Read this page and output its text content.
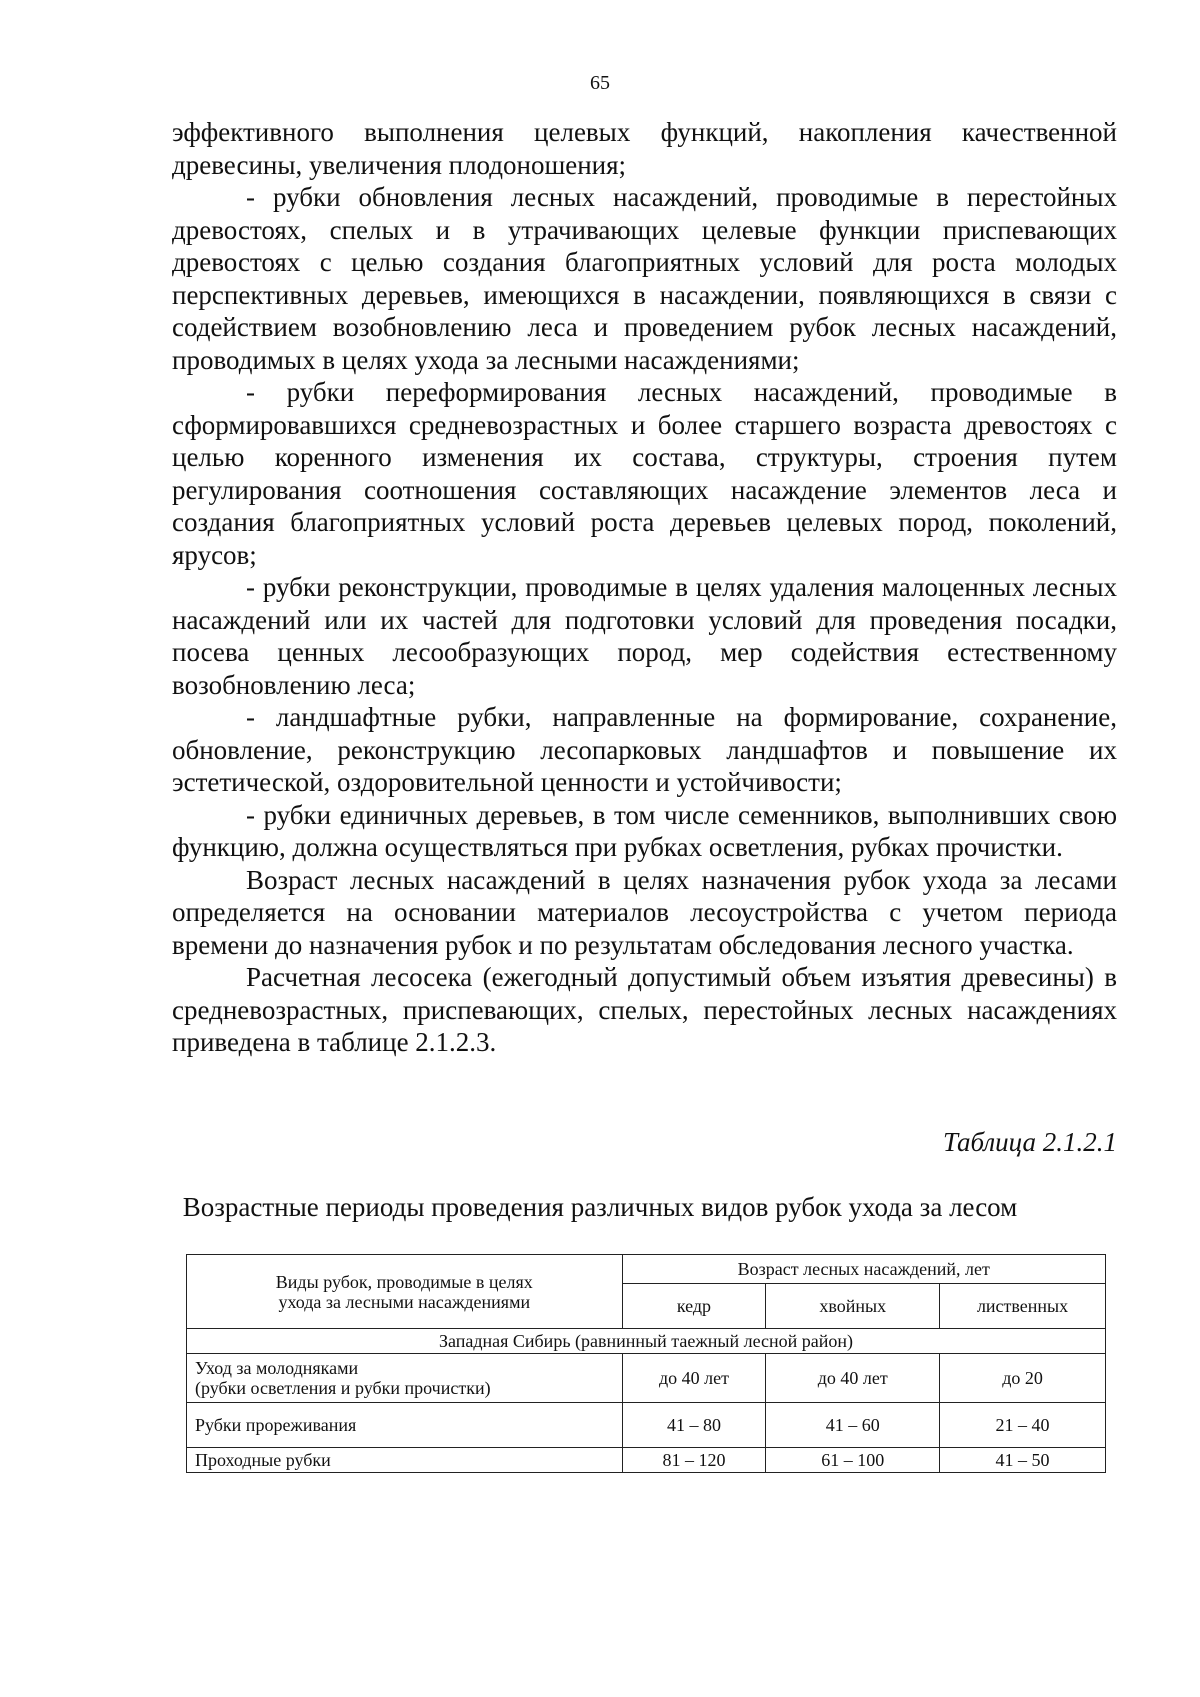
65

эффективного выполнения целевых функций, накопления качественной древесины, увеличения плодоношения;

- рубки обновления лесных насаждений, проводимые в перестойных древостоях, спелых и в утрачивающих целевые функции приспевающих древостоях с целью создания благоприятных условий для роста молодых перспективных деревьев, имеющихся в насаждении, появляющихся в связи с содействием возобновлению леса и проведением рубок лесных насаждений, проводимых в целях ухода за лесными насаждениями;

- рубки переформирования лесных насаждений, проводимые в сформировавшихся средневозрастных и более старшего возраста древостоях с целью коренного изменения их состава, структуры, строения путем регулирования соотношения составляющих насаждение элементов леса и создания благоприятных условий роста деревьев целевых пород, поколений, ярусов;

- рубки реконструкции, проводимые в целях удаления малоценных лесных насаждений или их частей для подготовки условий для проведения посадки, посева ценных лесообразующих пород, мер содействия естественному возобновлению леса;

- ландшафтные рубки, направленные на формирование, сохранение, обновление, реконструкцию лесопарковых ландшафтов и повышение их эстетической, оздоровительной ценности и устойчивости;

- рубки единичных деревьев, в том числе семенников, выполнивших свою функцию, должна осуществляться при рубках осветления, рубках прочистки.

Возраст лесных насаждений в целях назначения рубок ухода за лесами определяется на основании материалов лесоустройства с учетом периода времени до назначения рубок и по результатам обследования лесного участка.

Расчетная лесосека (ежегодный допустимый объем изъятия древесины) в средневозрастных, приспевающих, спелых, перестойных лесных насаждениях приведена в таблице 2.1.2.3.

Таблица 2.1.2.1
Возрастные периоды проведения различных видов рубок ухода за лесом
Виды рубок, проводимые в целях ухода за лесными насаждениями	Возраст лесных насаждений, лет		
	кедр	хвойных	лиственных
Западная Сибирь (равнинный таежный лесной район)			

Уход за молодняками
(рубки осветления и рубки прочистки)	до 40 лет	до 40 лет	до 20
Рубки прореживания	41 – 80	41 – 60	21 – 40
Проходные рубки	81 – 120	61 – 100	41 – 50
